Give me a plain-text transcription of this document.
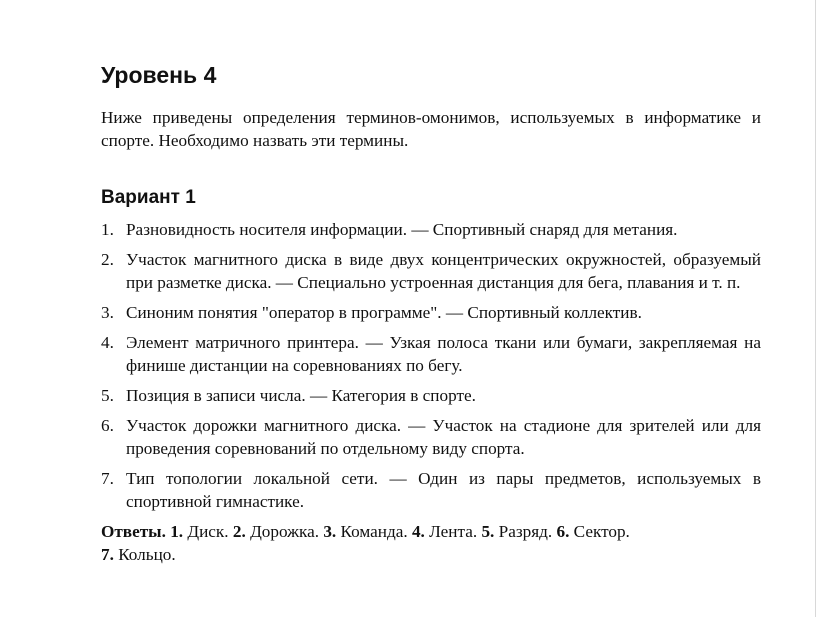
Уровень 4

Ниже приведены определения терминов-омонимов, используемых в информатике и спорте. Необходимо назвать эти термины.

Вариант 1
1. Разновидность носителя информации. — Спортивный снаряд для метания.
2. Участок магнитного диска в виде двух концентрических окружностей, образуемый при разметке диска. — Специально устроенная дистанция для бега, плавания и т. п.
3. Синоним понятия "оператор в программе". — Спортивный коллектив.
4. Элемент матричного принтера. — Узкая полоса ткани или бумаги, закрепляемая на финише дистанции на соревнованиях по бегу.
5. Позиция в записи числа. — Категория в спорте.
6. Участок дорожки магнитного диска. — Участок на стадионе для зрителей или для проведения соревнований по отдельному виду спорта.
7. Тип топологии локальной сети. — Один из пары предметов, используемых в спортивной гимнастике.

Ответы. 1. Диск. 2. Дорожка. 3. Команда. 4. Лента. 5. Разряд. 6. Сектор.
7. Кольцо.
